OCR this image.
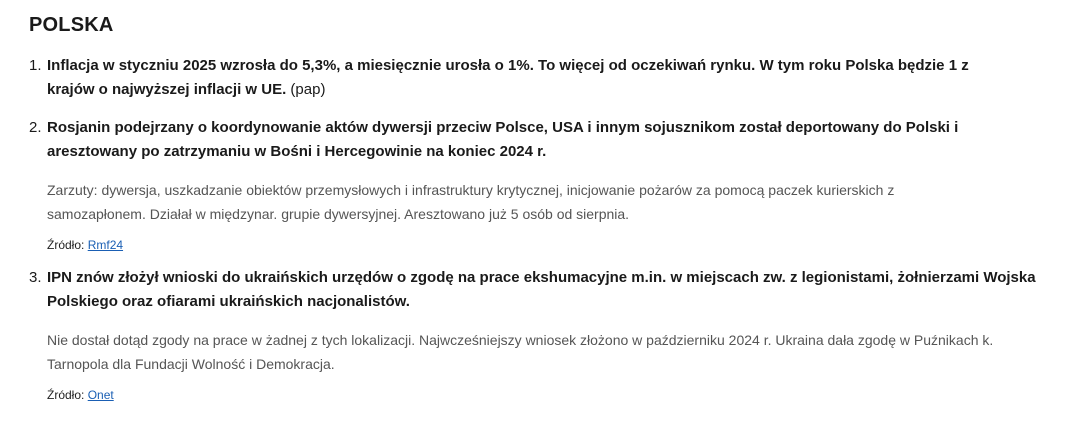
POLSKA
1. Inflacja w styczniu 2025 wzrosła do 5,3%, a miesięcznie urosła o 1%. To więcej od oczekiwań rynku. W tym roku Polska będzie 1 z krajów o najwyższej inflacji w UE. (pap)

2. Rosjanin podejrzany o koordynowanie aktów dywersji przeciw Polsce, USA i innym sojusznikom został deportowany do Polski i aresztowany po zatrzymaniu w Bośni i Hercegowinie na koniec 2024 r.

Zarzuty: dywersja, uszkadzanie obiektów przemysłowych i infrastruktury krytycznej, inicjowanie pożarów za pomocą paczek kurierskich z samozapłonem. Działał w międzynar. grupie dywersyjnej. Aresztowano już 5 osób od sierpnia.

Źródło: Rmf24
3. IPN znów złożył wnioski do ukraińskich urzędów o zgodę na prace ekshumacyjne m.in. w miejscach zw. z legionistami, żołnierzami Wojska Polskiego oraz ofiarami ukraińskich nacjonalistów.

Nie dostał dotąd zgody na prace w żadnej z tych lokalizacji. Najwcześniejszy wniosek złożono w październiku 2024 r. Ukraina dała zgodę w Puźnikach k. Tarnopola dla Fundacji Wolność i Demokracja.

Źródło: Onet
